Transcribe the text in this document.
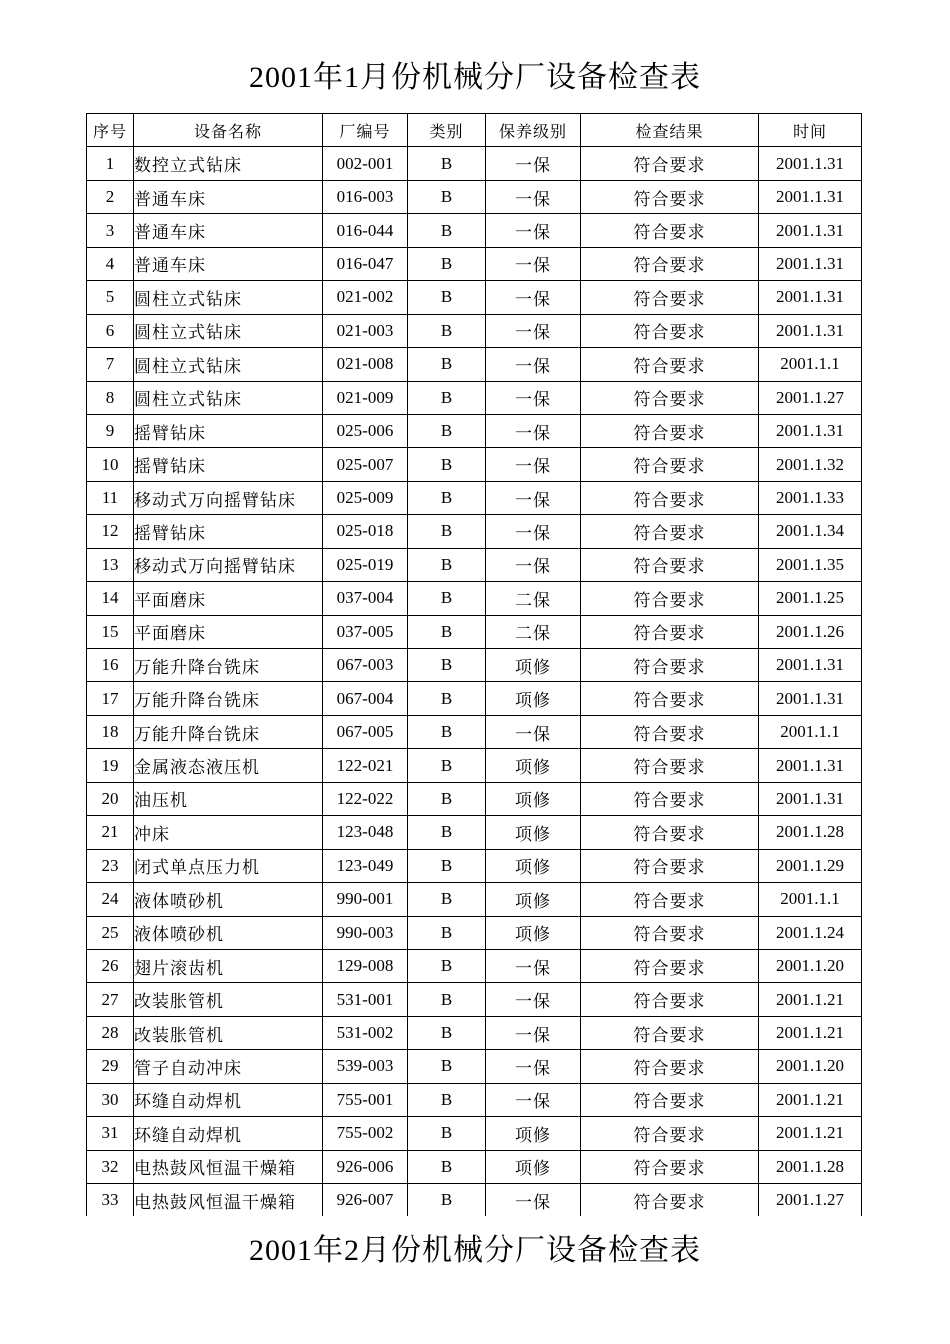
2001年1月份机械分厂设备检查表
序号	设备名称	厂编号	类别	保养级别	检查结果	时间
1	数控立式钻床	002-001	B	一保	符合要求	2001.1.31
2	普通车床	016-003	B	一保	符合要求	2001.1.31
3	普通车床	016-044	B	一保	符合要求	2001.1.31
4	普通车床	016-047	B	一保	符合要求	2001.1.31
5	圆柱立式钻床	021-002	B	一保	符合要求	2001.1.31
6	圆柱立式钻床	021-003	B	一保	符合要求	2001.1.31
7	圆柱立式钻床	021-008	B	一保	符合要求	2001.1.1
8	圆柱立式钻床	021-009	B	一保	符合要求	2001.1.27
9	摇臂钻床	025-006	B	一保	符合要求	2001.1.31
10	摇臂钻床	025-007	B	一保	符合要求	2001.1.32
11	移动式万向摇臂钻床	025-009	B	一保	符合要求	2001.1.33
12	摇臂钻床	025-018	B	一保	符合要求	2001.1.34
13	移动式万向摇臂钻床	025-019	B	一保	符合要求	2001.1.35
14	平面磨床	037-004	B	二保	符合要求	2001.1.25
15	平面磨床	037-005	B	二保	符合要求	2001.1.26
16	万能升降台铣床	067-003	B	项修	符合要求	2001.1.31
17	万能升降台铣床	067-004	B	项修	符合要求	2001.1.31
18	万能升降台铣床	067-005	B	一保	符合要求	2001.1.1
19	金属液态液压机	122-021	B	项修	符合要求	2001.1.31
20	油压机	122-022	B	项修	符合要求	2001.1.31
21	冲床	123-048	B	项修	符合要求	2001.1.28
23	闭式单点压力机	123-049	B	项修	符合要求	2001.1.29
24	液体喷砂机	990-001	B	项修	符合要求	2001.1.1
25	液体喷砂机	990-003	B	项修	符合要求	2001.1.24
26	翅片滚齿机	129-008	B	一保	符合要求	2001.1.20
27	改装胀管机	531-001	B	一保	符合要求	2001.1.21
28	改装胀管机	531-002	B	一保	符合要求	2001.1.21
29	管子自动冲床	539-003	B	一保	符合要求	2001.1.20
30	环缝自动焊机	755-001	B	一保	符合要求	2001.1.21
31	环缝自动焊机	755-002	B	项修	符合要求	2001.1.21
32	电热鼓风恒温干燥箱	926-006	B	项修	符合要求	2001.1.28
33	电热鼓风恒温干燥箱	926-007	B	一保	符合要求	2001.1.27
2001年2月份机械分厂设备检查表
